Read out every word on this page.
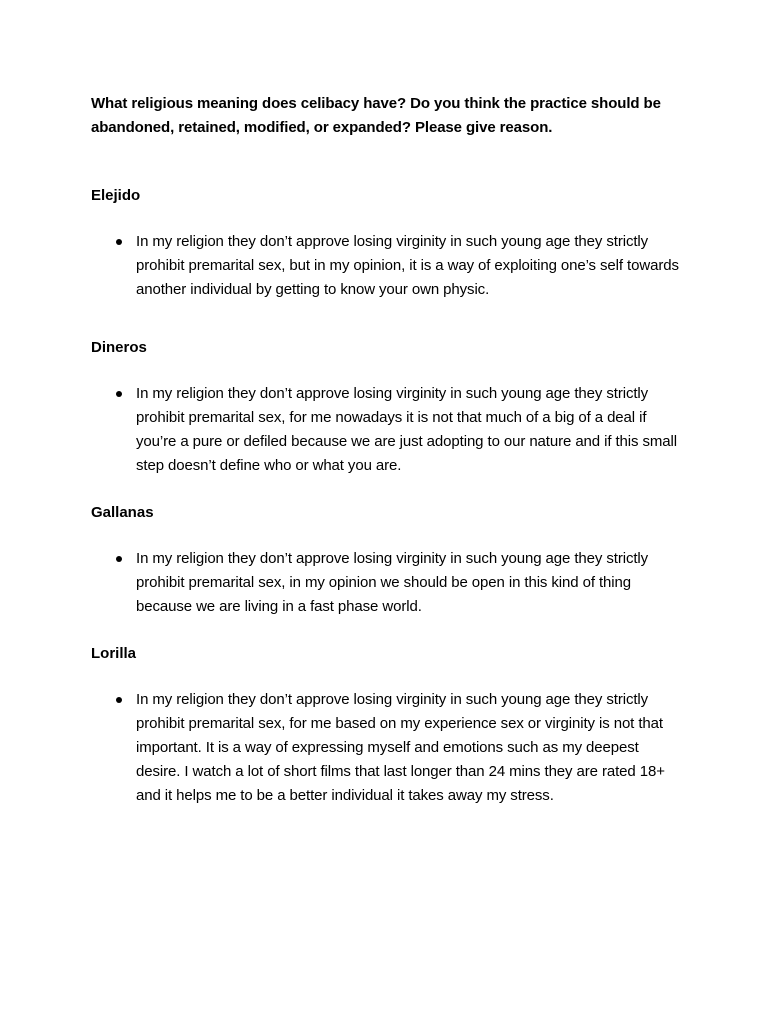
What religious meaning does celibacy have? Do you think the practice should be abandoned, retained, modified, or expanded? Please give reason.

Elejido

In my religion they don’t approve losing virginity in such young age they strictly prohibit premarital sex, but in my opinion, it is a way of exploiting one’s self towards another individual by getting to know your own physic.

Dineros

In my religion they don’t approve losing virginity in such young age they strictly prohibit premarital sex, for me nowadays it is not that much of a big of a deal if you’re a pure or defiled because we are just adopting to our nature and if this small step doesn’t define who or what you are.

Gallanas

In my religion they don’t approve losing virginity in such young age they strictly prohibit premarital sex, in my opinion we should be open in this kind of thing because we are living in a fast phase world.

Lorilla

In my religion they don’t approve losing virginity in such young age they strictly prohibit premarital sex, for me based on my experience sex or virginity is not that important. It is a way of expressing myself and emotions such as my deepest desire. I watch a lot of short films that last longer than 24 mins they are rated 18+ and it helps me to be a better individual it takes away my stress.
